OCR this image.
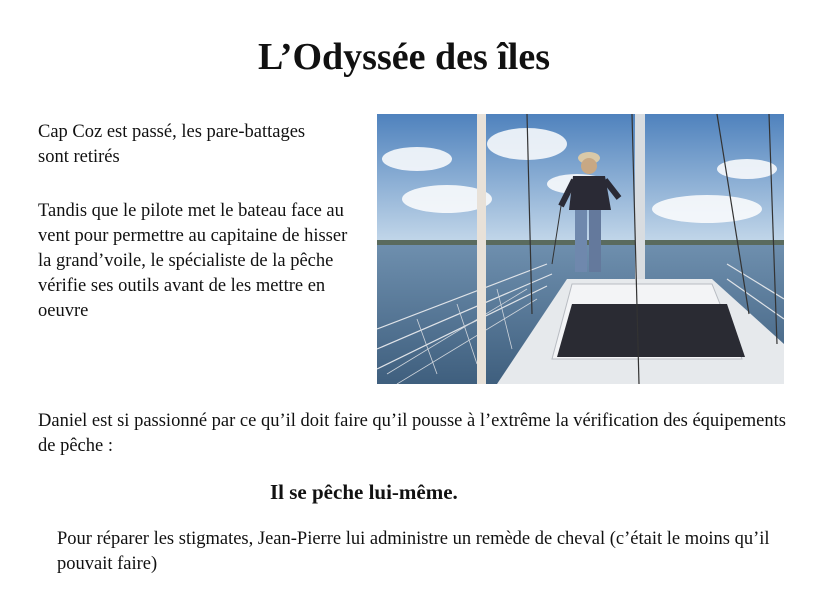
L’Odyssée des îles

Cap Coz est passé, les pare-battages sont retirés

Tandis que le pilote met le bateau face au vent pour permettre au capitaine de hisser la grand’voile, le spécialiste de la pêche vérifie ses outils avant de les mettre en oeuvre

Daniel est si passionné par ce qu’il doit faire qu’il pousse à l’extrême la vérification des équipements de pêche :

Il se pêche lui-même.

Pour réparer les stigmates, Jean-Pierre lui administre un remède de cheval (c’était le moins qu’il pouvait faire)
